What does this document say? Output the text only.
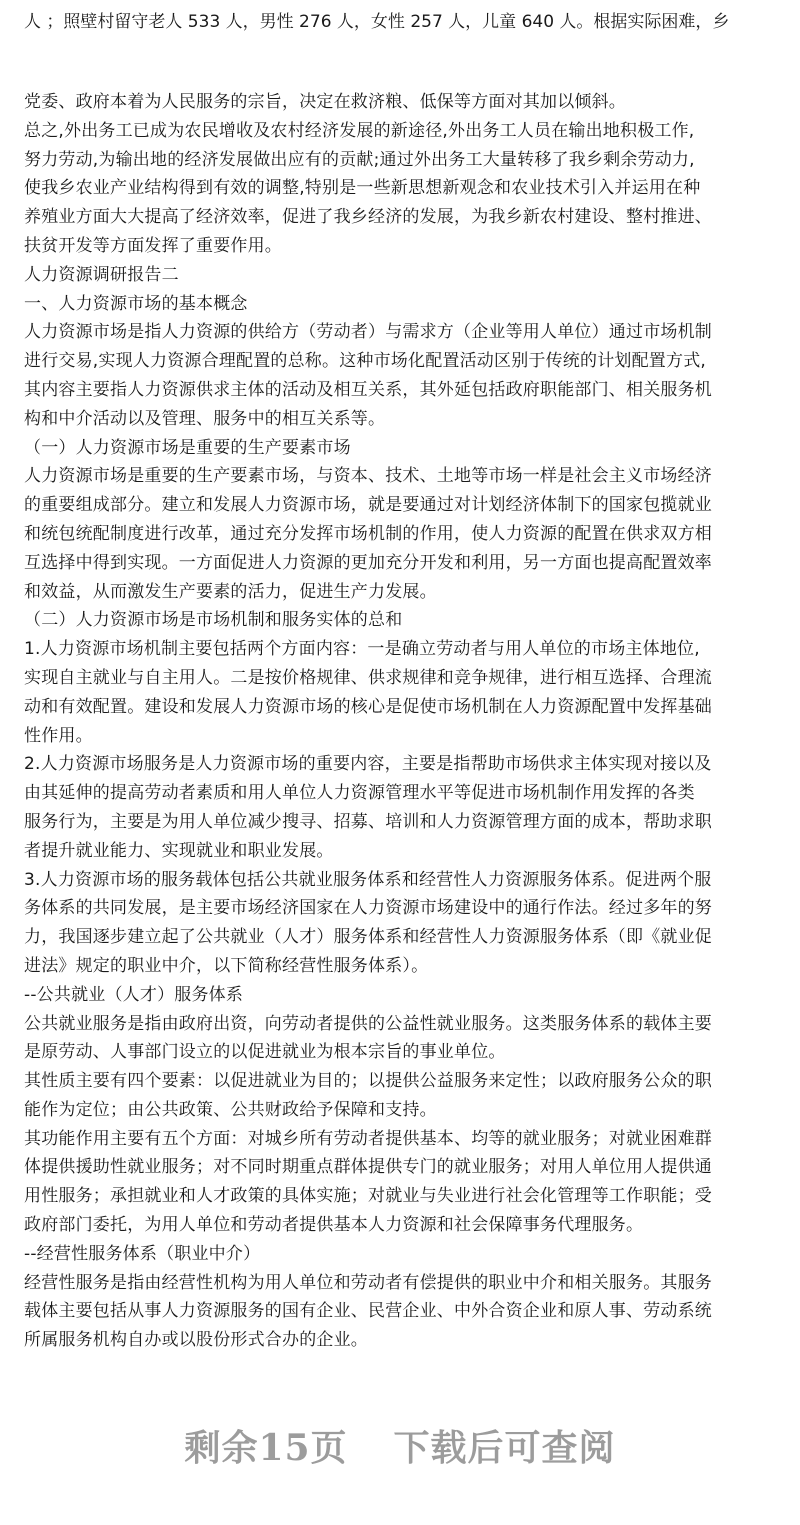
人 ；照壁村留守老人 533 人，男性 276 人，女性 257 人，儿童 640 人。根据实际困难，乡
党委、政府本着为人民服务的宗旨，决定在救济粮、低保等方面对其加以倾斜。
总之,外出务工已成为农民增收及农村经济发展的新途径,外出务工人员在输出地积极工作,
努力劳动,为输出地的经济发展做出应有的贡献;通过外出务工大量转移了我乡剩余劳动力,
使我乡农业产业结构得到有效的调整,特别是一些新思想新观念和农业技术引入并运用在种
养殖业方面大大提高了经济效率，促进了我乡经济的发展，为我乡新农村建设、整村推进、
扶贫开发等方面发挥了重要作用。
人力资源调研报告二
一、人力资源市场的基本概念
人力资源市场是指人力资源的供给方（劳动者）与需求方（企业等用人单位）通过市场机制
进行交易,实现人力资源合理配置的总称。这种市场化配置活动区别于传统的计划配置方式,
其内容主要指人力资源供求主体的活动及相互关系，其外延包括政府职能部门、相关服务机
构和中介活动以及管理、服务中的相互关系等。
（一）人力资源市场是重要的生产要素市场
人力资源市场是重要的生产要素市场，与资本、技术、土地等市场一样是社会主义市场经济
的重要组成部分。建立和发展人力资源市场，就是要通过对计划经济体制下的国家包揽就业
和统包统配制度进行改革，通过充分发挥市场机制的作用，使人力资源的配置在供求双方相
互选择中得到实现。一方面促进人力资源的更加充分开发和利用，另一方面也提高配置效率
和效益，从而激发生产要素的活力，促进生产力发展。
（二）人力资源市场是市场机制和服务实体的总和
1.人力资源市场机制主要包括两个方面内容：一是确立劳动者与用人单位的市场主体地位,
实现自主就业与自主用人。二是按价格规律、供求规律和竞争规律，进行相互选择、合理流
动和有效配置。建设和发展人力资源市场的核心是促使市场机制在人力资源配置中发挥基础
性作用。
2.人力资源市场服务是人力资源市场的重要内容，主要是指帮助市场供求主体实现对接以及
由其延伸的提高劳动者素质和用人单位人力资源管理水平等促进市场机制作用发挥的各类
服务行为，主要是为用人单位减少搜寻、招募、培训和人力资源管理方面的成本，帮助求职
者提升就业能力、实现就业和职业发展。
3.人力资源市场的服务载体包括公共就业服务体系和经营性人力资源服务体系。促进两个服
务体系的共同发展，是主要市场经济国家在人力资源市场建设中的通行作法。经过多年的努
力，我国逐步建立起了公共就业（人才）服务体系和经营性人力资源服务体系（即《就业促
进法》规定的职业中介，以下简称经营性服务体系）。
--公共就业（人才）服务体系
公共就业服务是指由政府出资，向劳动者提供的公益性就业服务。这类服务体系的载体主要
是原劳动、人事部门设立的以促进就业为根本宗旨的事业单位。
其性质主要有四个要素：以促进就业为目的；以提供公益服务来定性；以政府服务公众的职
能作为定位；由公共政策、公共财政给予保障和支持。
其功能作用主要有五个方面：对城乡所有劳动者提供基本、均等的就业服务；对就业困难群
体提供援助性就业服务；对不同时期重点群体提供专门的就业服务；对用人单位用人提供通
用性服务；承担就业和人才政策的具体实施；对就业与失业进行社会化管理等工作职能；受
政府部门委托，为用人单位和劳动者提供基本人力资源和社会保障事务代理服务。
--经营性服务体系（职业中介）
经营性服务是指由经营性机构为用人单位和劳动者有偿提供的职业中介和相关服务。其服务
载体主要包括从事人力资源服务的国有企业、民营企业、中外合资企业和原人事、劳动系统
所属服务机构自办或以股份形式合办的企业。
剩余15页 下载后可查阅
